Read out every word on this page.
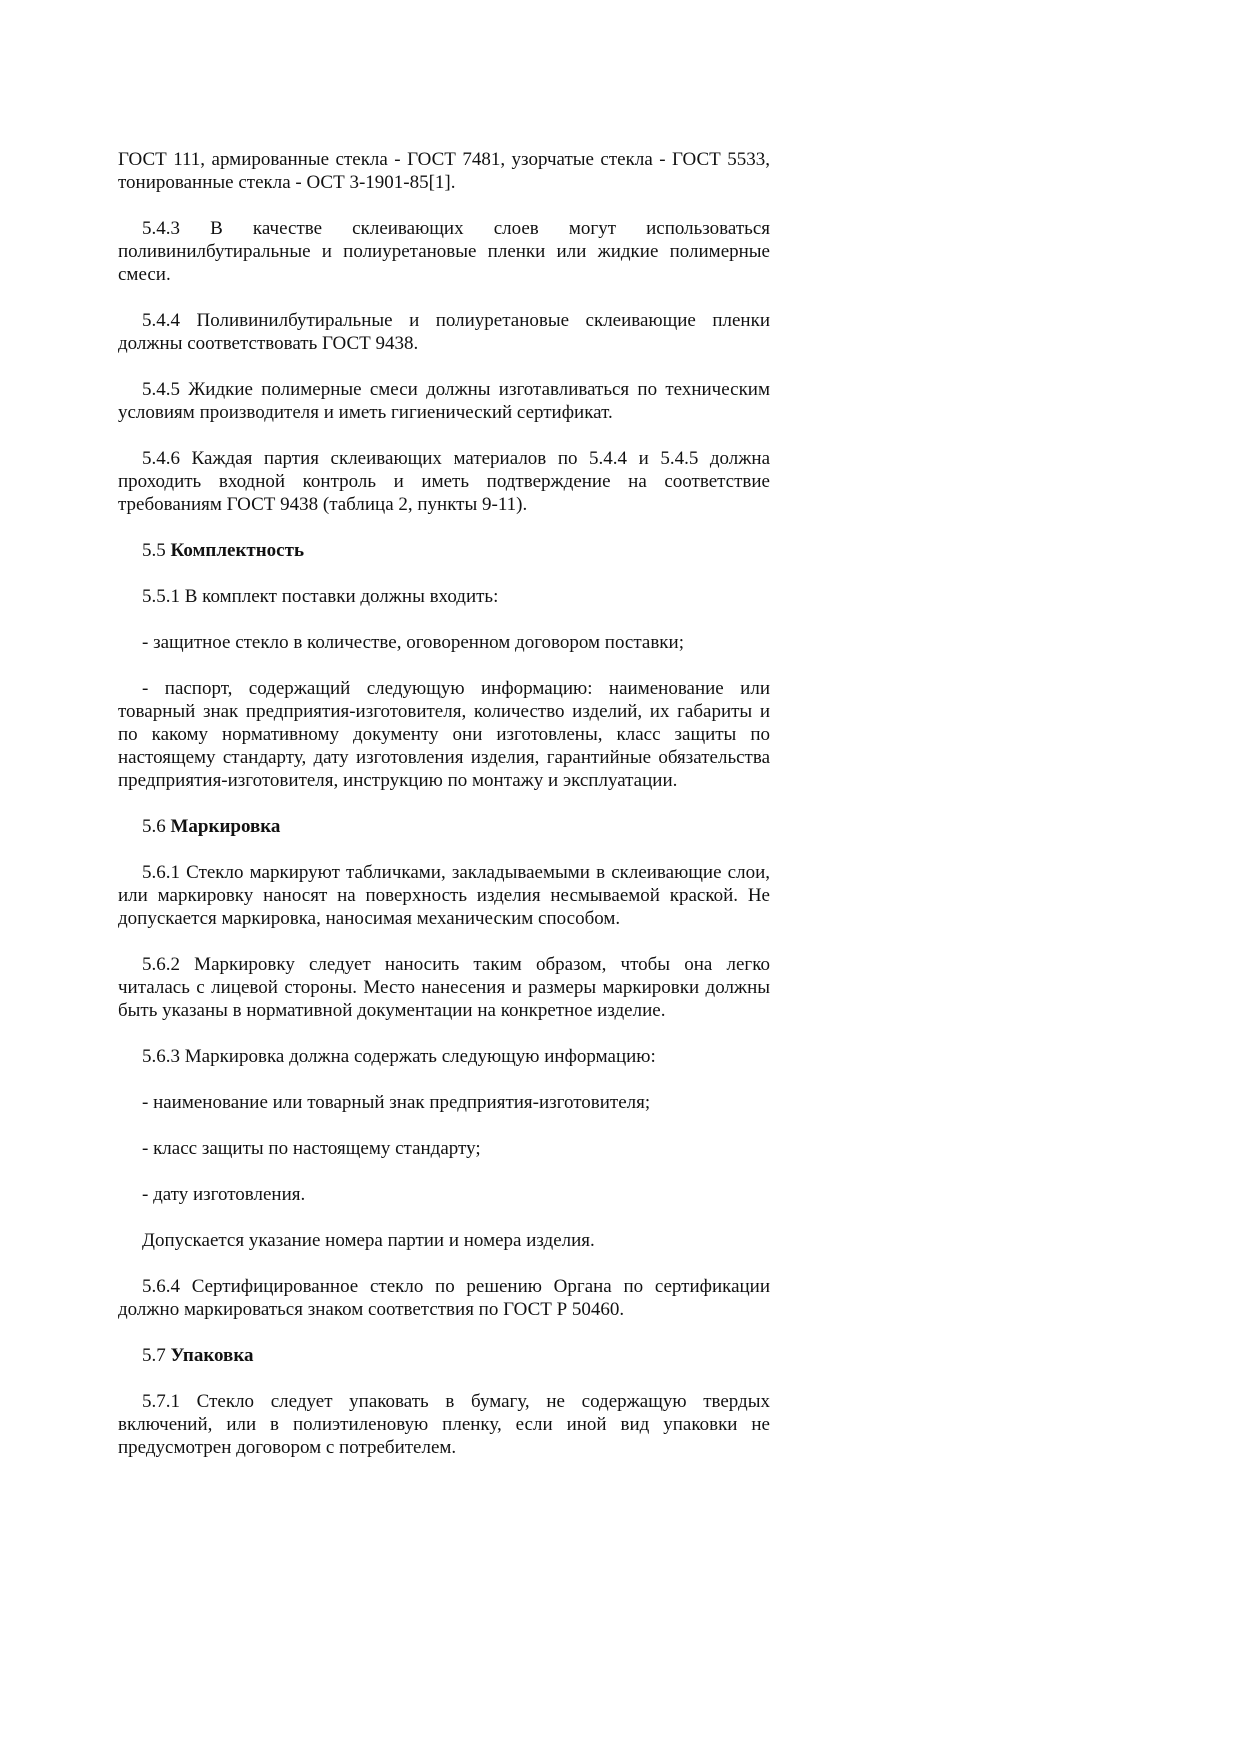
ГОСТ 111, армированные стекла - ГОСТ 7481, узорчатые стекла - ГОСТ 5533, тонированные стекла - ОСТ 3-1901-85[1].

5.4.3 В качестве склеивающих слоев могут использоваться поливинилбутиральные и полиуретановые пленки или жидкие полимерные смеси.

5.4.4 Поливинилбутиральные и полиуретановые склеивающие пленки должны соответствовать ГОСТ 9438.

5.4.5 Жидкие полимерные смеси должны изготавливаться по техническим условиям производителя и иметь гигиенический сертификат.

5.4.6 Каждая партия склеивающих материалов по 5.4.4 и 5.4.5 должна проходить входной контроль и иметь подтверждение на соответствие требованиям ГОСТ 9438 (таблица 2, пункты 9-11).

5.5 Комплектность

5.5.1 В комплект поставки должны входить:

- защитное стекло в количестве, оговоренном договором поставки;

- паспорт, содержащий следующую информацию: наименование или товарный знак предприятия-изготовителя, количество изделий, их габариты и по какому нормативному документу они изготовлены, класс защиты по настоящему стандарту, дату изготовления изделия, гарантийные обязательства предприятия-изготовителя, инструкцию по монтажу и эксплуатации.

5.6 Маркировка

5.6.1 Стекло маркируют табличками, закладываемыми в склеивающие слои, или маркировку наносят на поверхность изделия несмываемой краской. Не допускается маркировка, наносимая механическим способом.

5.6.2 Маркировку следует наносить таким образом, чтобы она легко читалась с лицевой стороны. Место нанесения и размеры маркировки должны быть указаны в нормативной документации на конкретное изделие.

5.6.3 Маркировка должна содержать следующую информацию:

- наименование или товарный знак предприятия-изготовителя;

- класс защиты по настоящему стандарту;

- дату изготовления.

Допускается указание номера партии и номера изделия.

5.6.4 Сертифицированное стекло по решению Органа по сертификации должно маркироваться знаком соответствия по ГОСТ Р 50460.

5.7 Упаковка

5.7.1 Стекло следует упаковать в бумагу, не содержащую твердых включений, или в полиэтиленовую пленку, если иной вид упаковки не предусмотрен договором с потребителем.
